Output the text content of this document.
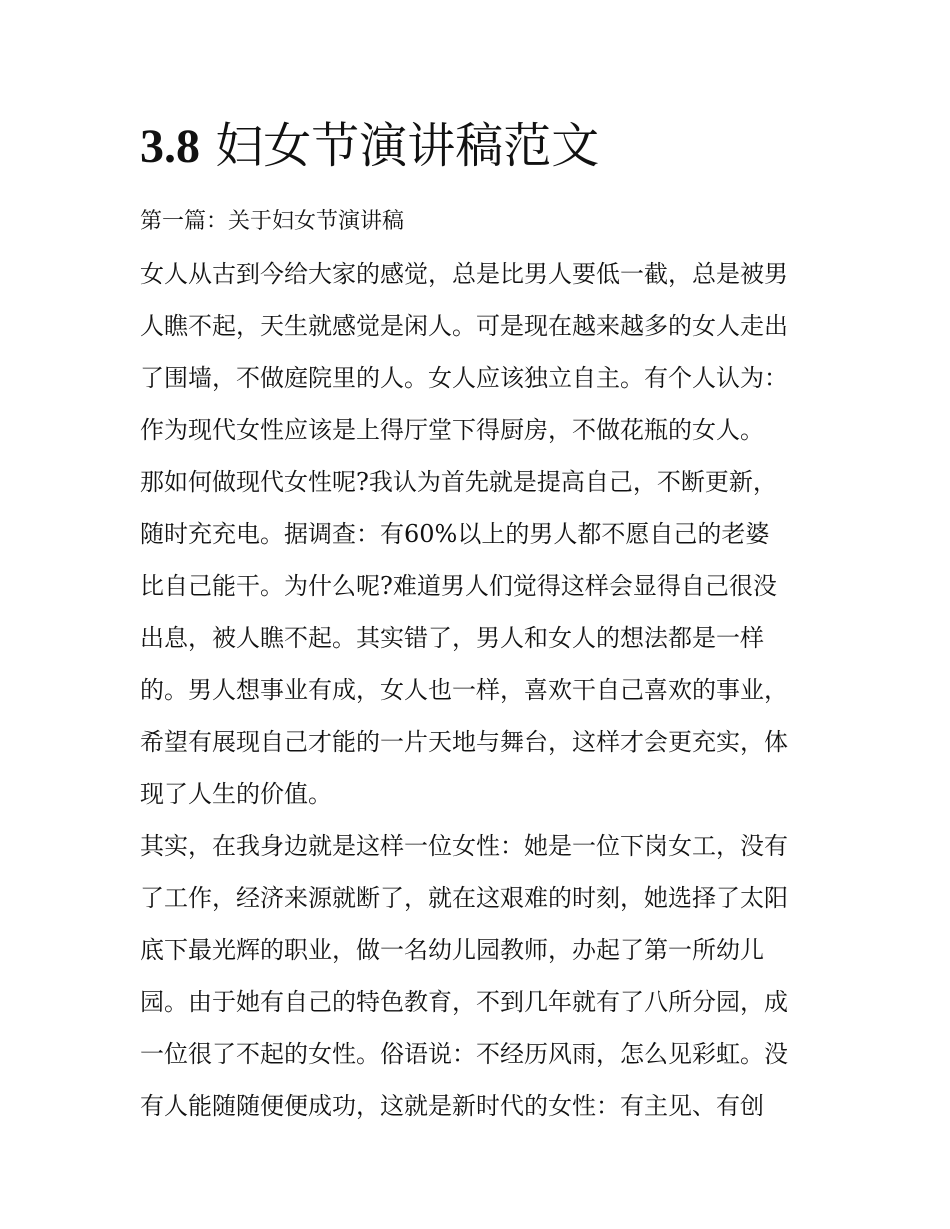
3.8 妇女节演讲稿范文

第一篇：关于妇女节演讲稿

女人从古到今给大家的感觉，总是比男人要低一截，总是被男

人瞧不起，天生就感觉是闲人。可是现在越来越多的女人走出

了围墙，不做庭院里的人。女人应该独立自主。有个人认为：

作为现代女性应该是上得厅堂下得厨房，不做花瓶的女人。

那如何做现代女性呢?我认为首先就是提高自己，不断更新，

随时充充电。据调查：有60%以上的男人都不愿自己的老婆

比自己能干。为什么呢?难道男人们觉得这样会显得自己很没

出息，被人瞧不起。其实错了，男人和女人的想法都是一样

的。男人想事业有成，女人也一样，喜欢干自己喜欢的事业，

希望有展现自己才能的一片天地与舞台，这样才会更充实，体

现了人生的价值。

其实，在我身边就是这样一位女性：她是一位下岗女工，没有

了工作，经济来源就断了，就在这艰难的时刻，她选择了太阳

底下最光辉的职业，做一名幼儿园教师，办起了第一所幼儿

园。由于她有自己的特色教育，不到几年就有了八所分园，成

一位很了不起的女性。俗语说：不经历风雨，怎么见彩虹。没

有人能随随便便成功，这就是新时代的女性：有主见、有创
